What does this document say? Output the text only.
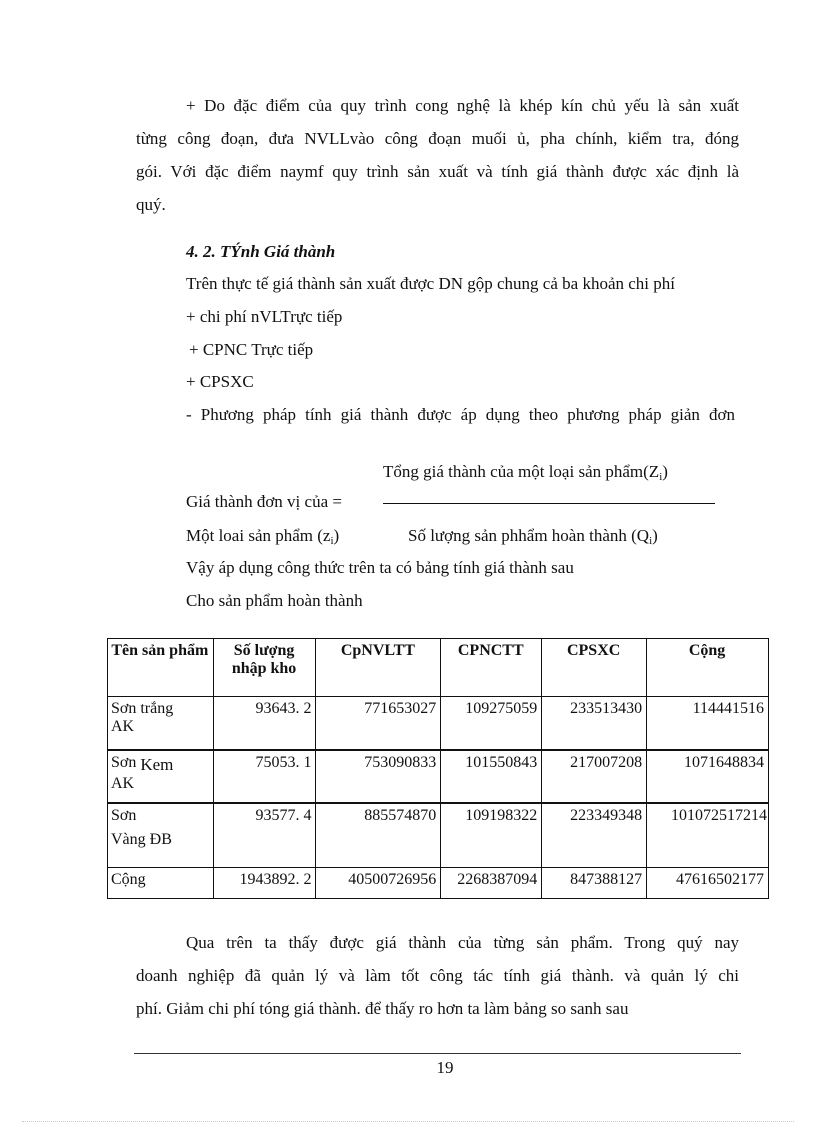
+ Do đặc điểm của quy trình cong nghệ là khép kín chủ yếu là sản xuất
từng công đoạn, đưa NVLLvào công đoạn muối ủ, pha chính, kiểm tra, đóng
gói. Với đặc điểm naymf quy trình sản xuất và tính giá thành được xác định là
quý.
4. 2. TÝnh Giá thành
Trên thực tế giá thành sản xuất được DN gộp chung cả ba khoản chi phí
+ chi phí nVLTrực tiếp
+ CPNC Trực tiếp
+ CPSXC
- Phương pháp tính giá thành được áp dụng theo phương pháp giản đơn
Tổng giá thành của một loại sản $phẩm(Z_i)$
Giá thành đơn vị của =
Một loai sản phẩm $(z_i)$	Số lượng sản phhẩm hoàn thành $(Q_i)$
Vậy áp dụng công thức trên ta có bảng tính giá thành sau
Cho sản phẩm hoàn thành
Tên sản phẩm	Số lượng nhập kho	CpNVLTT	CPNCTT	CPSXC	Cộng
Sơn trắng
AK	93643. 2	771653027	109275059	233513430	114441516
Sơn Kem
AK	75053. 1	753090833	101550843	217007208	1071648834
Sơn
Vàng ĐB	93577. 4	885574870	109198322	223349348	101072517214
Cộng	1943892. 2	40500726956	2268387094	847388127	47616502177
Qua trên ta thấy được giá thành của từng sản phẩm. Trong quý nay
doanh nghiệp đã quản lý và làm tốt công tác tính giá thành. và quản lý chi
phí. Giảm chi phí tóng giá thành. để thấy ro hơn ta làm bảng so sanh sau
19
